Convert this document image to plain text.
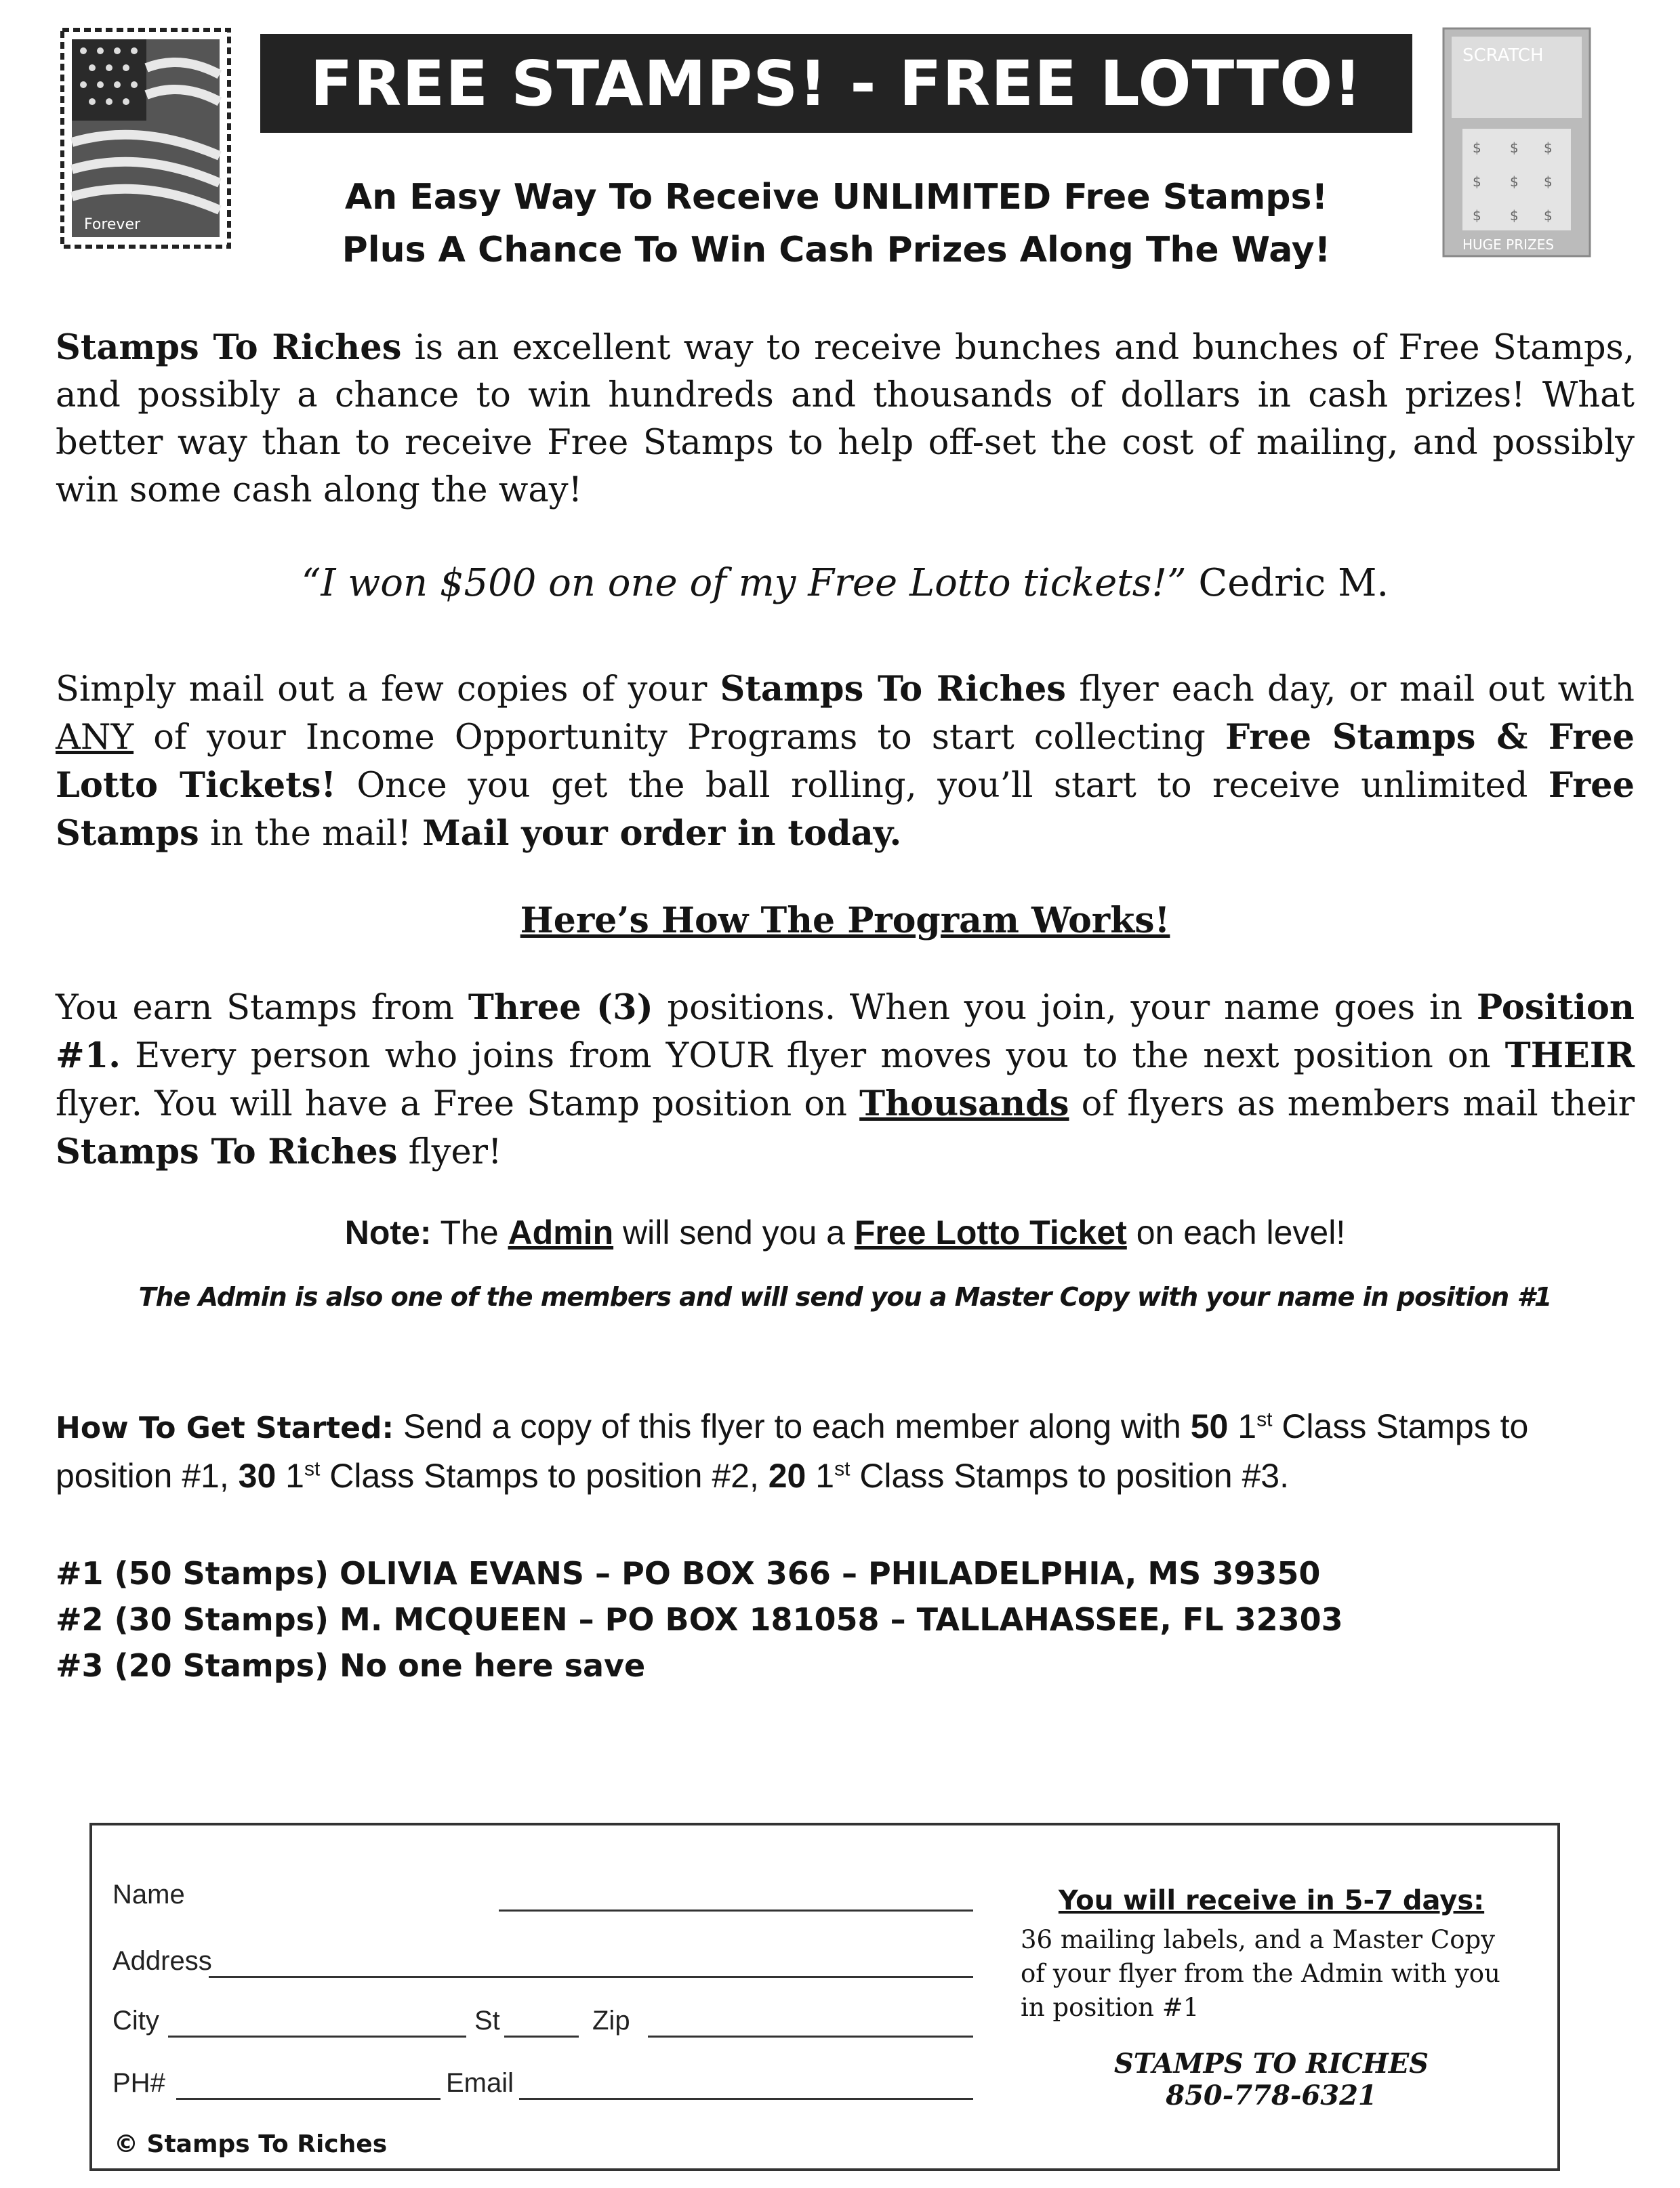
Forever
FREE STAMPS! - FREE LOTTO!	SCRATCH
$ $ $
$ $ $
$ $ $
HUGE PRIZES
An Easy Way To Receive UNLIMITED Free Stamps!
Plus A Chance To Win Cash Prizes Along The Way!
Stamps To Riches is an excellent way to receive bunches and bunches of Free Stamps, and possibly a chance to win hundreds and thousands of dollars in cash prizes! What better way than to receive Free Stamps to help off-set the cost of mailing, and possibly win some cash along the way!
“I won $500 on one of my Free Lotto tickets!” Cedric M.
Simply mail out a few copies of your Stamps To Riches flyer each day, or mail out with ANY of your Income Opportunity Programs to start collecting Free Stamps & Free Lotto Tickets! Once you get the ball rolling, you’ll start to receive unlimited Free Stamps in the mail! Mail your order in today.
Here’s How The Program Works!
You earn Stamps from Three (3) positions. When you join, your name goes in Position #1. Every person who joins from YOUR flyer moves you to the next position on THEIR flyer. You will have a Free Stamp position on Thousands of flyers as members mail their Stamps To Riches flyer!
Note: The Admin will send you a Free Lotto Ticket on each level!
The Admin is also one of the members and will send you a Master Copy with your name in position #1
How To Get Started: Send a copy of this flyer to each member along with 50 1st Class Stamps to position #1, 30 1st Class Stamps to position #2, 20 1st Class Stamps to position #3.
#1 (50 Stamps) OLIVIA EVANS – PO BOX 366 – PHILADELPHIA, MS 39350
#2 (30 Stamps) M. MCQUEEN – PO BOX 181058 – TALLAHASSEE, FL 32303
#3 (20 Stamps) No one here save
Name
Address
City	St	Zip
PH#	Email
You will receive in 5-7 days:
36 mailing labels, and a Master Copy of your flyer from the Admin with you in position #1
STAMPS TO RICHES
850-778-6321
© Stamps To Riches
